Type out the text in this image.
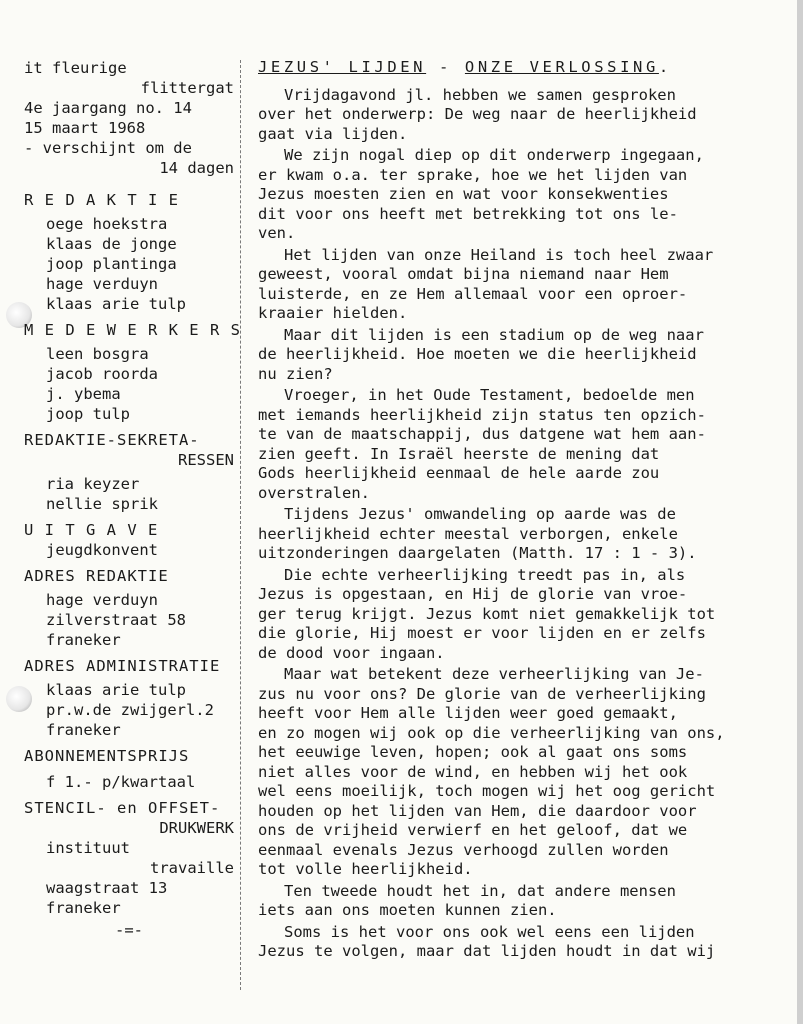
it fleurige
flittergat
4e jaargang no. 14
15 maart 1968
- verschijnt om de
14 dagen
R E D A K T I E
oege hoekstra
klaas de jonge
joop plantinga
hage verduyn
klaas arie tulp
M E D E W E R K E R S
leen bosgra
jacob roorda
j. ybema
joop tulp
REDAKTIE-SEKRETA-
RESSEN
ria keyzer
nellie sprik
U I T G A V E
jeugdkonvent
ADRES REDAKTIE
hage verduyn
zilverstraat 58
franeker
ADRES ADMINISTRATIE
klaas arie tulp
pr.w.de zwijgerl.2
franeker
ABONNEMENTSPRIJS
f 1.- p/kwartaal
STENCIL- en OFFSET-
DRUKWERK
instituut
travaille
waagstraat 13
franeker
-=-
JEZUS' LIJDEN - ONZE VERLOSSING.
Vrijdagavond jl. hebben we samen gesproken
over het onderwerp: De weg naar de heerlijkheid
gaat via lijden.
We zijn nogal diep op dit onderwerp ingegaan,
er kwam o.a. ter sprake, hoe we het lijden van
Jezus moesten zien en wat voor konsekwenties
dit voor ons heeft met betrekking tot ons le-
ven.
Het lijden van onze Heiland is toch heel zwaar
geweest, vooral omdat bijna niemand naar Hem
luisterde, en ze Hem allemaal voor een oproer-
kraaier hielden.
Maar dit lijden is een stadium op de weg naar
de heerlijkheid. Hoe moeten we die heerlijkheid
nu zien?
Vroeger, in het Oude Testament, bedoelde men
met iemands heerlijkheid zijn status ten opzich-
te van de maatschappij, dus datgene wat hem aan-
zien geeft. In Israël heerste de mening dat
Gods heerlijkheid eenmaal de hele aarde zou
overstralen.
Tijdens Jezus' omwandeling op aarde was de
heerlijkheid echter meestal verborgen, enkele
uitzonderingen daargelaten (Matth. 17 : 1 - 3).
Die echte verheerlijking treedt pas in, als
Jezus is opgestaan, en Hij de glorie van vroe-
ger terug krijgt. Jezus komt niet gemakkelijk tot
die glorie, Hij moest er voor lijden en er zelfs
de dood voor ingaan.
Maar wat betekent deze verheerlijking van Je-
zus nu voor ons? De glorie van de verheerlijking
heeft voor Hem alle lijden weer goed gemaakt,
en zo mogen wij ook op die verheerlijking van ons,
het eeuwige leven, hopen; ook al gaat ons soms
niet alles voor de wind, en hebben wij het ook
wel eens moeilijk, toch mogen wij het oog gericht
houden op het lijden van Hem, die daardoor voor
ons de vrijheid verwierf en het geloof, dat we
eenmaal evenals Jezus verhoogd zullen worden
tot volle heerlijkheid.
Ten tweede houdt het in, dat andere mensen
iets aan ons moeten kunnen zien.
Soms is het voor ons ook wel eens een lijden
Jezus te volgen, maar dat lijden houdt in dat wij
